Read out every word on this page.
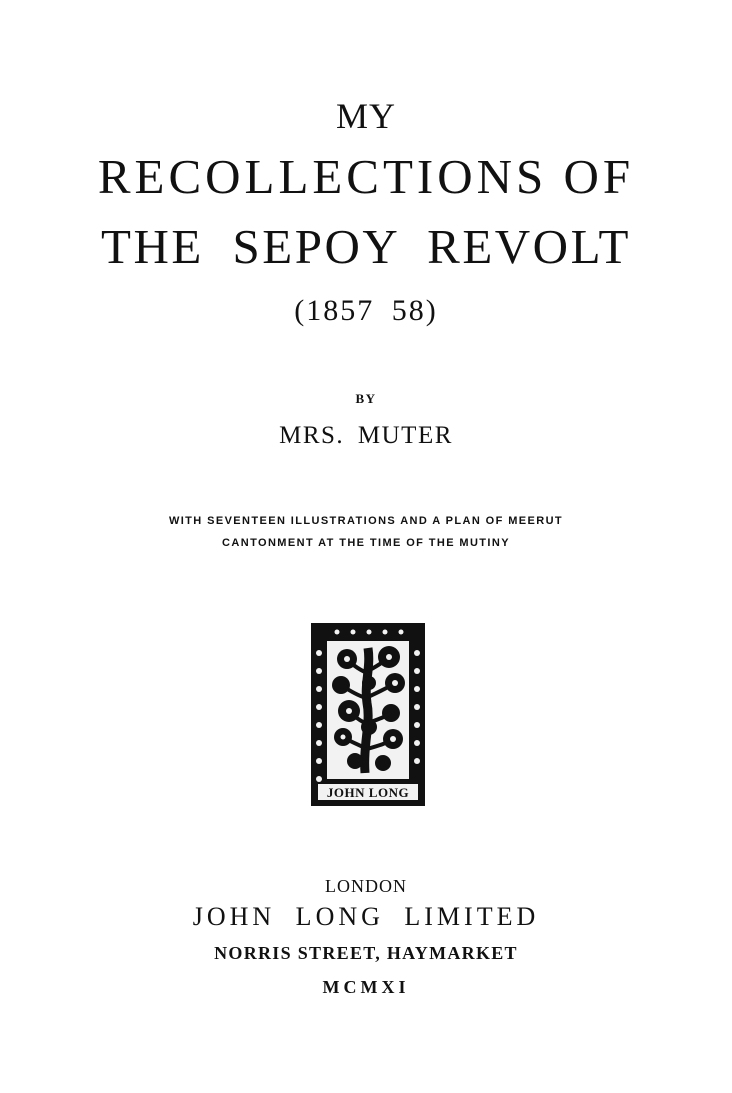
MY
RECOLLECTIONS OF
THE SEPOY REVOLT
(1857 58)
BY
MRS. MUTER
WITH SEVENTEEN ILLUSTRATIONS AND A PLAN OF MEERUT
CANTONMENT AT THE TIME OF THE MUTINY
JOHN LONG
LONDON
JOHN LONG LIMITED
NORRIS STREET, HAYMARKET
MCMXI
